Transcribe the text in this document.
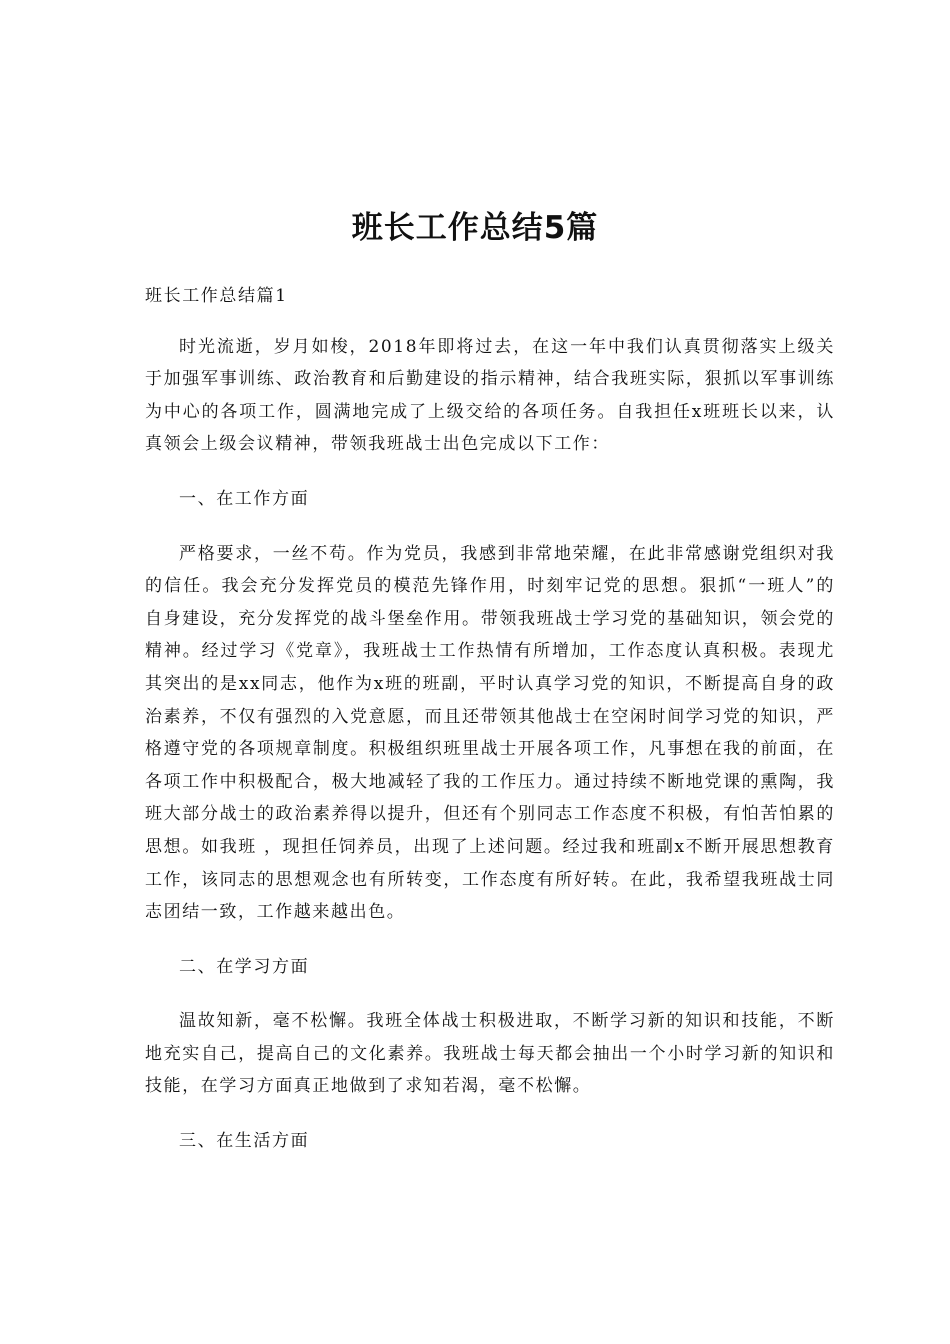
班长工作总结5篇

班长工作总结篇1

时光流逝，岁月如梭，2018年即将过去，在这一年中我们认真贯彻落实上级关于加强军事训练、政治教育和后勤建设的指示精神，结合我班实际，狠抓以军事训练为中心的各项工作，圆满地完成了上级交给的各项任务。自我担任x班班长以来，认真领会上级会议精神，带领我班战士出色完成以下工作：

一、在工作方面

严格要求，一丝不苟。作为党员，我感到非常地荣耀，在此非常感谢党组织对我的信任。我会充分发挥党员的模范先锋作用，时刻牢记党的思想。狠抓“一班人”的自身建设，充分发挥党的战斗堡垒作用。带领我班战士学习党的基础知识，领会党的精神。经过学习《党章》，我班战士工作热情有所增加，工作态度认真积极。表现尤其突出的是xx同志，他作为x班的班副，平时认真学习党的知识，不断提高自身的政治素养，不仅有强烈的入党意愿，而且还带领其他战士在空闲时间学习党的知识，严格遵守党的各项规章制度。积极组织班里战士开展各项工作，凡事想在我的前面，在各项工作中积极配合，极大地减轻了我的工作压力。通过持续不断地党课的熏陶，我班大部分战士的政治素养得以提升，但还有个别同志工作态度不积极，有怕苦怕累的思想。如我班 ，现担任饲养员，出现了上述问题。经过我和班副x不断开展思想教育工作，该同志的思想观念也有所转变，工作态度有所好转。在此，我希望我班战士同志团结一致，工作越来越出色。

二、在学习方面

温故知新，毫不松懈。我班全体战士积极进取，不断学习新的知识和技能，不断地充实自己，提高自己的文化素养。我班战士每天都会抽出一个小时学习新的知识和技能，在学习方面真正地做到了求知若渴，毫不松懈。

三、在生活方面
